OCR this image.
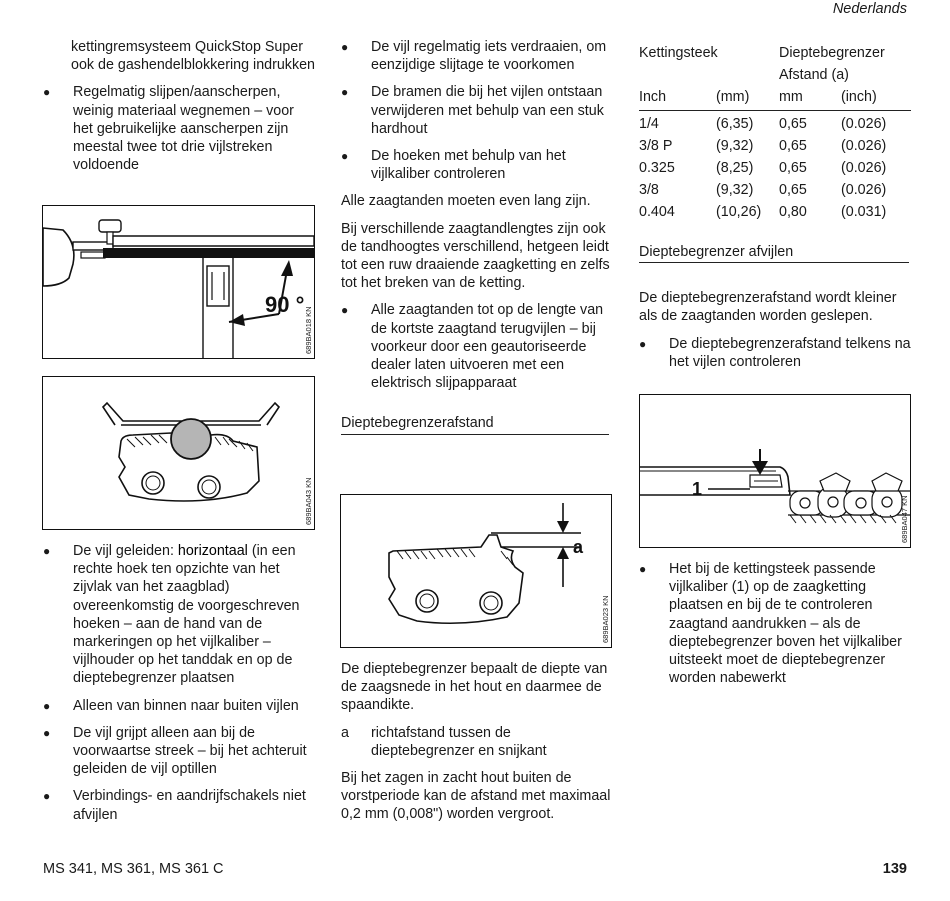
Nederlands

kettingremsysteem QuickStop Super ook de gashendelblokkering indrukken

● Regelmatig slijpen/aanscherpen, weinig materiaal wegnemen – voor het gebruikelijke aanscherpen zijn meestal twee tot drie vijlstreken voldoende

90 °
689BA018 KN
689BA043 KN

● De vijl geleiden: horizontaal (in een rechte hoek ten opzichte van het zijvlak van het zaagblad) overeenkomstig de voorgeschreven hoeken – aan de hand van de markeringen op het vijlkaliber – vijlhouder op het tanddak en op de dieptebegrenzer plaatsen

● Alleen van binnen naar buiten vijlen

● De vijl grijpt alleen aan bij de voorwaartse streek – bij het achteruit geleiden de vijl optillen

● Verbindings- en aandrijfschakels niet afvijlen

● De vijl regelmatig iets verdraaien, om eenzijdige slijtage te voorkomen

● De bramen die bij het vijlen ontstaan verwijderen met behulp van een stuk hardhout

● De hoeken met behulp van het vijlkaliber controleren

Alle zaagtanden moeten even lang zijn.

Bij verschillende zaagtandlengtes zijn ook de tandhoogtes verschillend, hetgeen leidt tot een ruw draaiende zaagketting en zelfs tot het breken van de ketting.

● Alle zaagtanden tot op de lengte van de kortste zaagtand terugvijlen – bij voorkeur door een geautoriseerde dealer laten uitvoeren met een elektrisch slijpapparaat

Dieptebegrenzerafstand

a
689BA023 KN

De dieptebegrenzer bepaalt de diepte van de zaagsnede in het hout en daarmee de spaandikte.

a richtafstand tussen de dieptebegrenzer en snijkant

Bij het zagen in zacht hout buiten de vorstperiode kan de afstand met maximaal 0,2 mm (0,008") worden vergroot.

Kettingsteek		Dieptebegrenzer	
		Afstand (a)	
Inch	(mm)	mm	(inch)
1/4	(6,35)	0,65	(0.026)
3/8 P	(9,32)	0,65	(0.026)
0.325	(8,25)	0,65	(0.026)
3/8	(9,32)	0,65	(0.026)
0.404	(10,26)	0,80	(0.031)

Dieptebegrenzer afvijlen

De dieptebegrenzerafstand wordt kleiner als de zaagtanden worden geslepen.

● De dieptebegrenzerafstand telkens na het vijlen controleren

1
689BA047 KN

● Het bij de kettingsteek passende vijlkaliber (1) op de zaagketting plaatsen en bij de te controleren zaagtand aandrukken – als de dieptebegrenzer boven het vijlkaliber uitsteekt moet de dieptebegrenzer worden nabewerkt

MS 341, MS 361, MS 361 C	139
